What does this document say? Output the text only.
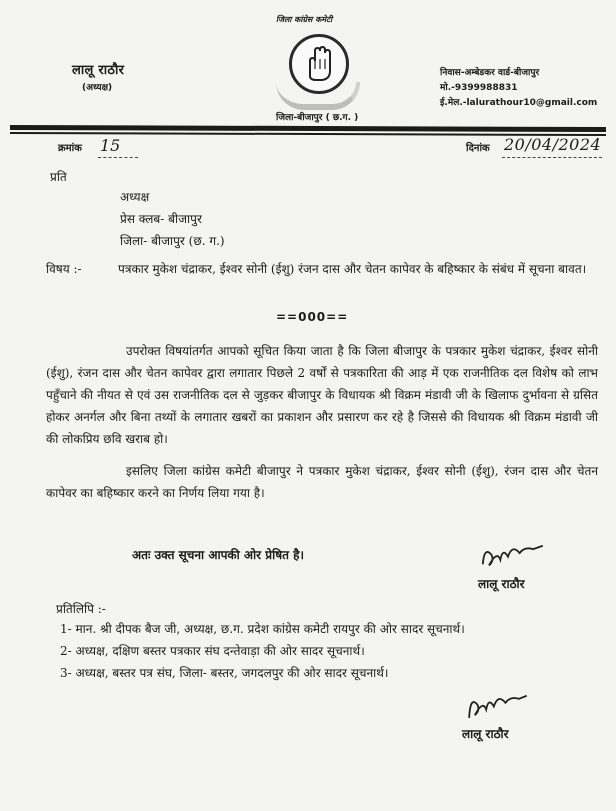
लालू राठौर
(अध्यक्ष)
जिला कांग्रेस कमेटी
जिला-बीजापुर ( छ.ग. )
निवास-अम्बेडकर वार्ड-बीजापुर
मो.-9399988831
ई.मेल.-lalurathour10@gmail.com
क्रमांक 15	दिनांक 20/04/2024
प्रति
अध्यक्ष
प्रेस क्लब- बीजापुर
जिला- बीजापुर (छ. ग.)
विषय :-	पत्रकार मुकेश चंद्राकर, ईश्वर सोनी (ईशु) रंजन दास और चेतन कापेवर के बहिष्कार के संबंध में सूचना बावत।
==000==

उपरोक्त विषयांतर्गत आपको सूचित किया जाता है कि जिला बीजापुर के पत्रकार मुकेश चंद्राकर, ईश्वर सोनी (ईशु), रंजन दास और चेतन कापेवर द्वारा लगातार पिछले 2 वर्षों से पत्रकारिता की आड़ में एक राजनीतिक दल विशेष को लाभ पहुँचाने की नीयत से एवं उस राजनीतिक दल से जुड़कर बीजापुर के विधायक श्री विक्रम मंडावी जी के खिलाफ दुर्भावना से ग्रसित होकर अनर्गल और बिना तथ्यों के लगातार खबरों का प्रकाशन और प्रसारण कर रहे है जिससे की विधायक श्री विक्रम मंडावी जी की लोकप्रिय छवि खराब हो।

इसलिए जिला कांग्रेस कमेटी बीजापुर ने पत्रकार मुकेश चंद्राकर, ईश्वर सोनी (ईशु), रंजन दास और चेतन कापेवर का बहिष्कार करने का निर्णय लिया गया है।

अतः उक्त सूचना आपकी ओर प्रेषित है।
लालू राठौर
प्रतिलिपि :-
1- मान. श्री दीपक बैज जी, अध्यक्ष, छ.ग. प्रदेश कांग्रेस कमेटी रायपुर की ओर सादर सूचनार्थ।
2- अध्यक्ष, दक्षिण बस्तर पत्रकार संघ दन्तेवाड़ा की ओर सादर सूचनार्थ।
3- अध्यक्ष, बस्तर पत्र संघ, जिला- बस्तर, जगदलपुर की ओर सादर सूचनार्थ।
लालू राठौर
